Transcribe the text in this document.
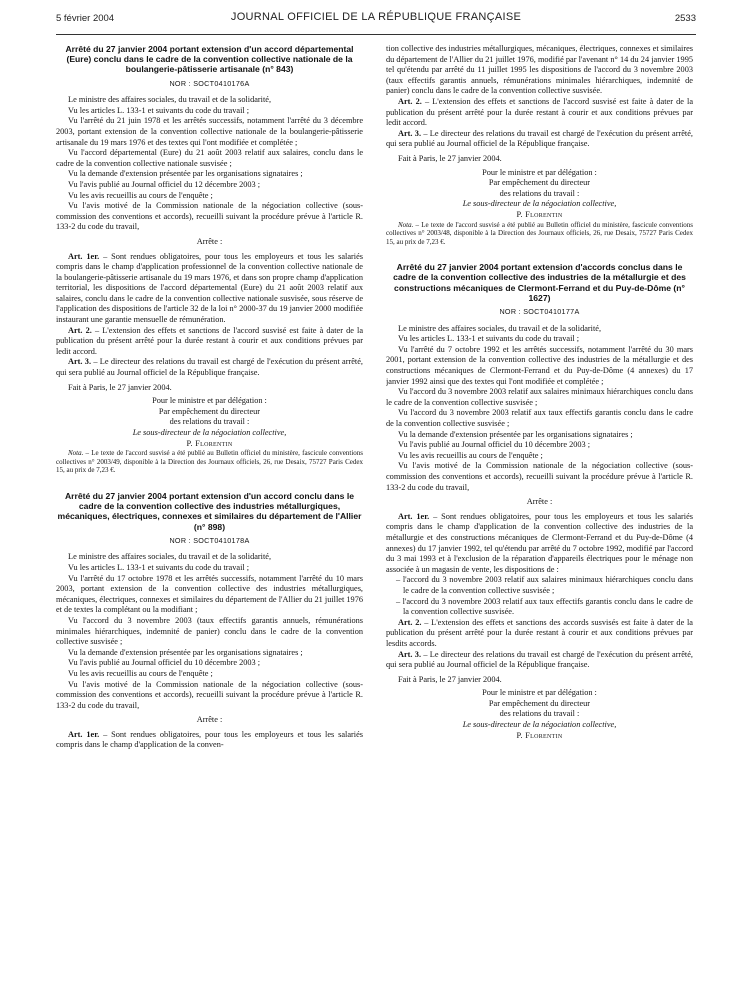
5 février 2004	JOURNAL OFFICIEL DE LA RÉPUBLIQUE FRANÇAISE	2533
Arrêté du 27 janvier 2004 portant extension d'un accord départemental (Eure) conclu dans le cadre de la convention collective nationale de la boulangerie-pâtisserie artisanale (n° 843)
NOR : SOCT0410176A

Le ministre des affaires sociales, du travail et de la solidarité,

Vu les articles L. 133-1 et suivants du code du travail ;

Vu l'arrêté du 21 juin 1978 et les arrêtés successifs, notamment l'arrêté du 3 décembre 2003, portant extension de la convention collective nationale de la boulangerie-pâtisserie artisanale du 19 mars 1976 et des textes qui l'ont modifiée et complétée ;

Vu l'accord départemental (Eure) du 21 août 2003 relatif aux salaires, conclu dans le cadre de la convention collective nationale susvisée ;

Vu la demande d'extension présentée par les organisations signataires ;

Vu l'avis publié au Journal officiel du 12 décembre 2003 ;

Vu les avis recueillis au cours de l'enquête ;

Vu l'avis motivé de la Commission nationale de la négociation collective (sous-commission des conventions et accords), recueilli suivant la procédure prévue à l'article R. 133-2 du code du travail,

Arrête :

Art. 1er. – Sont rendues obligatoires, pour tous les employeurs et tous les salariés compris dans le champ d'application professionnel de la convention collective nationale de la boulangerie-pâtisserie artisanale du 19 mars 1976, et dans son propre champ d'application territorial, les dispositions de l'accord départemental (Eure) du 21 août 2003 relatif aux salaires, conclu dans le cadre de la convention collective nationale susvisée, sous réserve de l'application des dispositions de l'article 32 de la loi n° 2000-37 du 19 janvier 2000 modifiée instaurant une garantie mensuelle de rémunération.

Art. 2. – L'extension des effets et sanctions de l'accord susvisé est faite à dater de la publication du présent arrêté pour la durée restant à courir et aux conditions prévues par ledit accord.

Art. 3. – Le directeur des relations du travail est chargé de l'exécution du présent arrêté, qui sera publié au Journal officiel de la République française.

Fait à Paris, le 27 janvier 2004.
Pour le ministre et par délégation :
Par empêchement du directeur
des relations du travail :
Le sous-directeur de la négociation collective,
P. Florentin

Nota. – Le texte de l'accord susvisé a été publié au Bulletin officiel du ministère, fascicule conventions collectives n° 2003/49, disponible à la Direction des Journaux officiels, 26, rue Desaix, 75727 Paris Cedex 15, au prix de 7,23 €.

Arrêté du 27 janvier 2004 portant extension d'un accord conclu dans le cadre de la convention collective des industries métallurgiques, mécaniques, électriques, connexes et similaires du département de l'Allier (n° 898)
NOR : SOCT0410178A

Le ministre des affaires sociales, du travail et de la solidarité,

Vu les articles L. 133-1 et suivants du code du travail ;

Vu l'arrêté du 17 octobre 1978 et les arrêtés successifs, notamment l'arrêté du 10 mars 2003, portant extension de la convention collective des industries métallurgiques, mécaniques, électriques, connexes et similaires du département de l'Allier du 21 juillet 1976 et de textes la complétant ou la modifiant ;

Vu l'accord du 3 novembre 2003 (taux effectifs garantis annuels, rémunérations minimales hiérarchiques, indemnité de panier) conclu dans le cadre de la convention collective susvisée ;

Vu la demande d'extension présentée par les organisations signataires ;

Vu l'avis publié au Journal officiel du 10 décembre 2003 ;

Vu les avis recueillis au cours de l'enquête ;

Vu l'avis motivé de la Commission nationale de la négociation collective (sous-commission des conventions et accords), recueilli suivant la procédure prévue à l'article R. 133-2 du code du travail,

Arrête :

Art. 1er. – Sont rendues obligatoires, pour tous les employeurs et tous les salariés compris dans le champ d'application de la conven-

tion collective des industries métallurgiques, mécaniques, électriques, connexes et similaires du département de l'Allier du 21 juillet 1976, modifié par l'avenant n° 14 du 24 janvier 1995 tel qu'étendu par arrêté du 11 juillet 1995 les dispositions de l'accord du 3 novembre 2003 (taux effectifs garantis annuels, rémunérations minimales hiérarchiques, indemnité de panier) conclu dans le cadre de la convention collective susvisée.

Art. 2. – L'extension des effets et sanctions de l'accord susvisé est faite à dater de la publication du présent arrêté pour la durée restant à courir et aux conditions prévues par ledit accord.

Art. 3. – Le directeur des relations du travail est chargé de l'exécution du présent arrêté, qui sera publié au Journal officiel de la République française.

Fait à Paris, le 27 janvier 2004.
Pour le ministre et par délégation :
Par empêchement du directeur
des relations du travail :
Le sous-directeur de la négociation collective,
P. Florentin

Nota. – Le texte de l'accord susvisé a été publié au Bulletin officiel du ministère, fascicule conventions collectives n° 2003/48, disponible à la Direction des Journaux officiels, 26, rue Desaix, 75727 Paris Cedex 15, au prix de 7,23 €.

Arrêté du 27 janvier 2004 portant extension d'accords conclus dans le cadre de la convention collective des industries de la métallurgie et des constructions mécaniques de Clermont-Ferrand et du Puy-de-Dôme (n° 1627)
NOR : SOCT0410177A

Le ministre des affaires sociales, du travail et de la solidarité,

Vu les articles L. 133-1 et suivants du code du travail ;

Vu l'arrêté du 7 octobre 1992 et les arrêtés successifs, notamment l'arrêté du 30 mars 2001, portant extension de la convention collective des industries de la métallurgie et des constructions mécaniques de Clermont-Ferrand et du Puy-de-Dôme (4 annexes) du 17 janvier 1992 ainsi que des textes qui l'ont modifiée et complétée ;

Vu l'accord du 3 novembre 2003 relatif aux salaires minimaux hiérarchiques conclu dans le cadre de la convention collective susvisée ;

Vu l'accord du 3 novembre 2003 relatif aux taux effectifs garantis conclu dans le cadre de la convention collective susvisée ;

Vu la demande d'extension présentée par les organisations signataires ;

Vu l'avis publié au Journal officiel du 10 décembre 2003 ;

Vu les avis recueillis au cours de l'enquête ;

Vu l'avis motivé de la Commission nationale de la négociation collective (sous-commission des conventions et accords), recueilli suivant la procédure prévue à l'article R. 133-2 du code du travail,

Arrête :

Art. 1er. – Sont rendues obligatoires, pour tous les employeurs et tous les salariés compris dans le champ d'application de la convention collective des industries de la métallurgie et des constructions mécaniques de Clermont-Ferrand et du Puy-de-Dôme (4 annexes) du 17 janvier 1992, tel qu'étendu par arrêté du 7 octobre 1992, modifié par l'accord du 3 mai 1993 et à l'exclusion de la réparation d'appareils électriques pour le ménage non associée à un magasin de vente, les dispositions de :

– l'accord du 3 novembre 2003 relatif aux salaires minimaux hiérarchiques conclu dans le cadre de la convention collective susvisée ;
– l'accord du 3 novembre 2003 relatif aux taux effectifs garantis conclu dans le cadre de la convention collective susvisée.

Art. 2. – L'extension des effets et sanctions des accords susvisés est faite à dater de la publication du présent arrêté pour la durée restant à courir et aux conditions prévues par lesdits accords.

Art. 3. – Le directeur des relations du travail est chargé de l'exécution du présent arrêté, qui sera publié au Journal officiel de la République française.

Fait à Paris, le 27 janvier 2004.
Pour le ministre et par délégation :
Par empêchement du directeur
des relations du travail :
Le sous-directeur de la négociation collective,
P. Florentin
